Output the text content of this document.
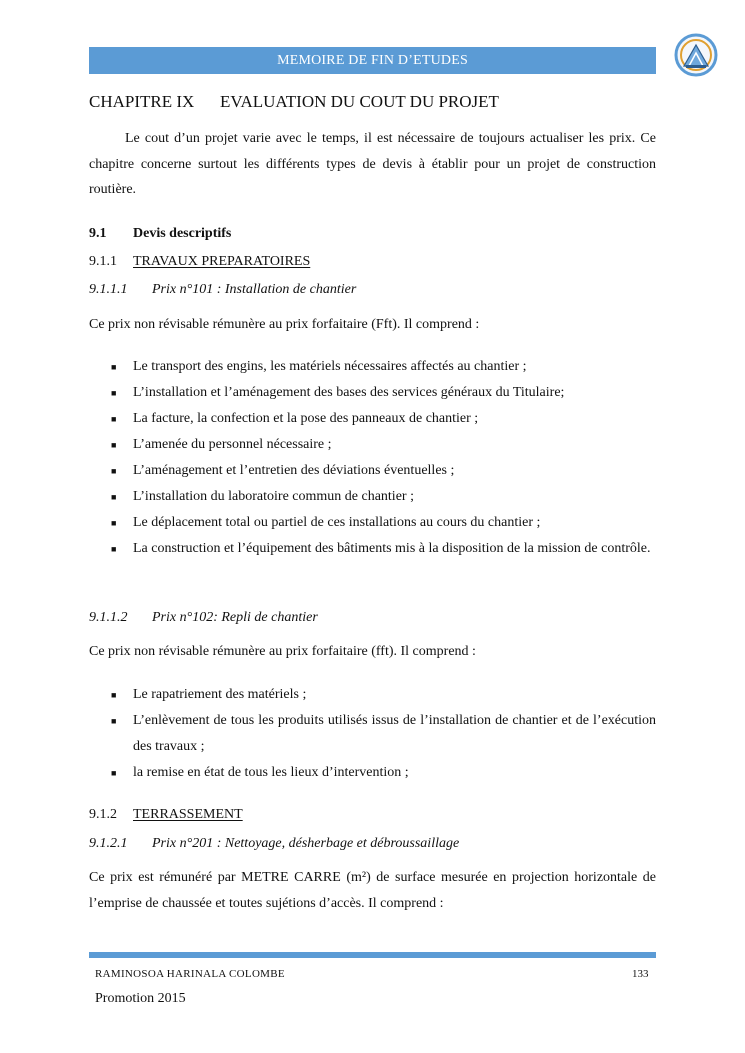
MEMOIRE DE FIN D’ETUDES
CHAPITRE IX EVALUATION DU COUT DU PROJET
Le cout d’un projet varie avec le temps, il est nécessaire de toujours actualiser les prix. Ce chapitre concerne surtout les différents types de devis à établir pour un projet de construction routière.
9.1 Devis descriptifs
9.1.1 TRAVAUX PREPARATOIRES
9.1.1.1 Prix n°101 : Installation de chantier
Ce prix non révisable rémunère au prix forfaitaire (Fft). Il comprend :
■ Le transport des engins, les matériels nécessaires affectés au chantier ;
■ L’installation et l’aménagement des bases des services généraux du Titulaire;
■ La facture, la confection et la pose des panneaux de chantier ;
■ L’amenée du personnel nécessaire ;
■ L’aménagement et l’entretien des déviations éventuelles ;
■ L’installation du laboratoire commun de chantier ;
■ Le déplacement total ou partiel de ces installations au cours du chantier ;
■ La construction et l’équipement des bâtiments mis à la disposition de la mission de contrôle.
9.1.1.2 Prix n°102: Repli de chantier
Ce prix non révisable rémunère au prix forfaitaire (fft). Il comprend :
■ Le rapatriement des matériels ;
■ L’enlèvement de tous les produits utilisés issus de l’installation de chantier et de l’exécution des travaux ;
■ la remise en état de tous les lieux d’intervention ;
9.1.2 TERRASSEMENT
9.1.2.1 Prix n°201 : Nettoyage, désherbage et débroussaillage
Ce prix est rémunéré par METRE CARRE (m²) de surface mesurée en projection horizontale de l’emprise de chaussée et toutes sujétions d’accès. Il comprend :
RAMINOSOA HARINALA COLOMBE	133
Promotion 2015
